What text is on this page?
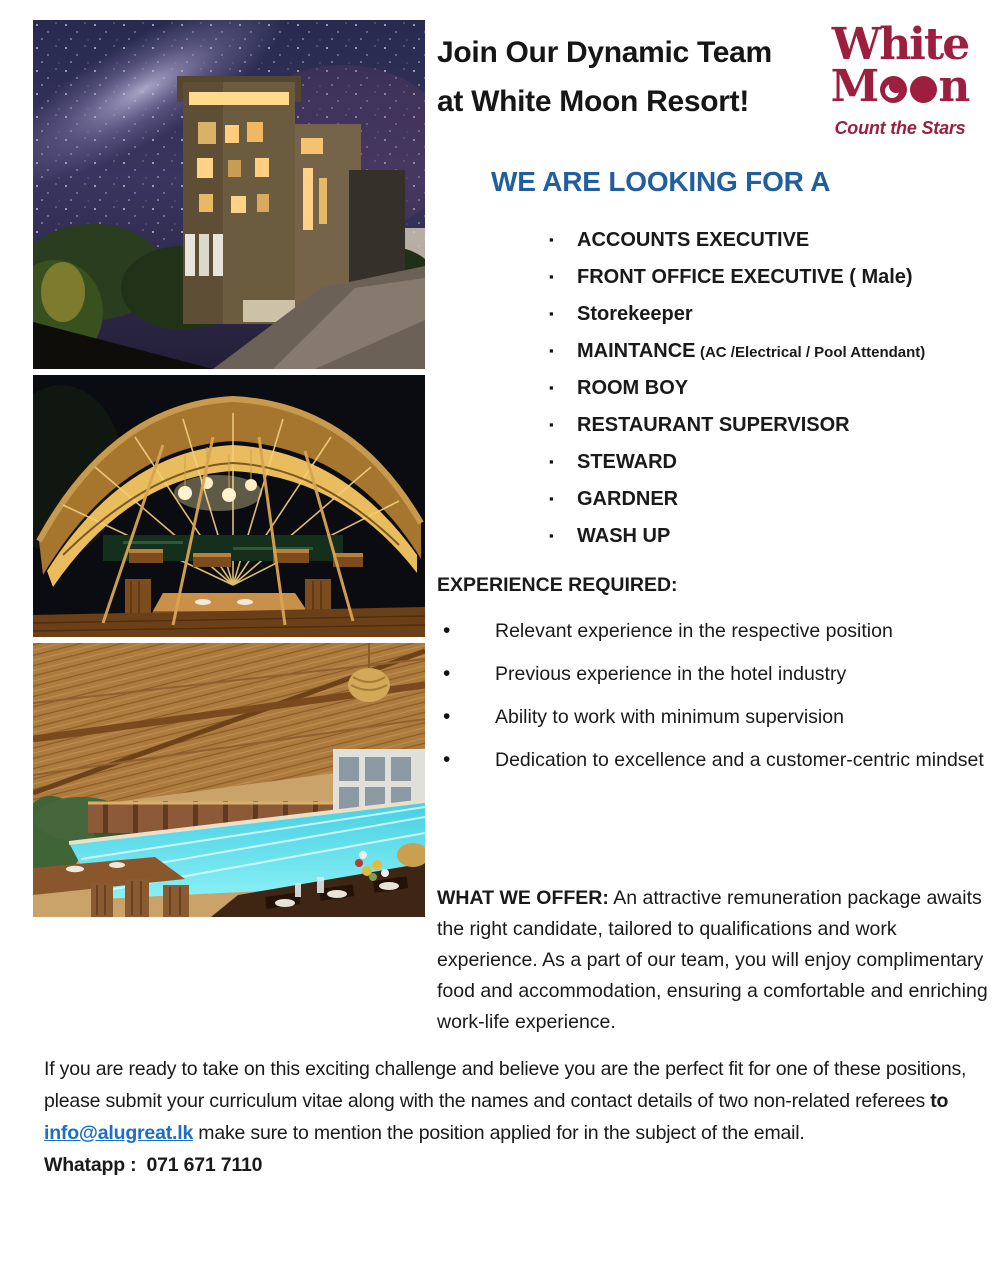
Join Our Dynamic Team
at White Moon Resort!
White
M n
Count the Stars
WE ARE LOOKING FOR A
▪	ACCOUNTS EXECUTIVE
▪	FRONT OFFICE EXECUTIVE ( Male)
▪	Storekeeper
▪	MAINTANCE (AC /Electrical / Pool Attendant)
▪	ROOM BOY
▪	RESTAURANT SUPERVISOR
▪	STEWARD
▪	GARDNER
▪	WASH UP
EXPERIENCE REQUIRED:
•	Relevant experience in the respective position
•	Previous experience in the hotel industry
•	Ability to work with minimum supervision
•	Dedication to excellence and a customer-centric mindset

WHAT WE OFFER: An attractive remuneration package awaits the right candidate, tailored to qualifications and work experience. As a part of our team, you will enjoy complimentary food and accommodation, ensuring a comfortable and enriching work-life experience.

If you are ready to take on this exciting challenge and believe you are the perfect fit for one of these positions, please submit your curriculum vitae along with the names and contact details of two non-related referees to

info@alugreat.lk make sure to mention the position applied for in the subject of the email.

Whatapp : 071 671 7110
